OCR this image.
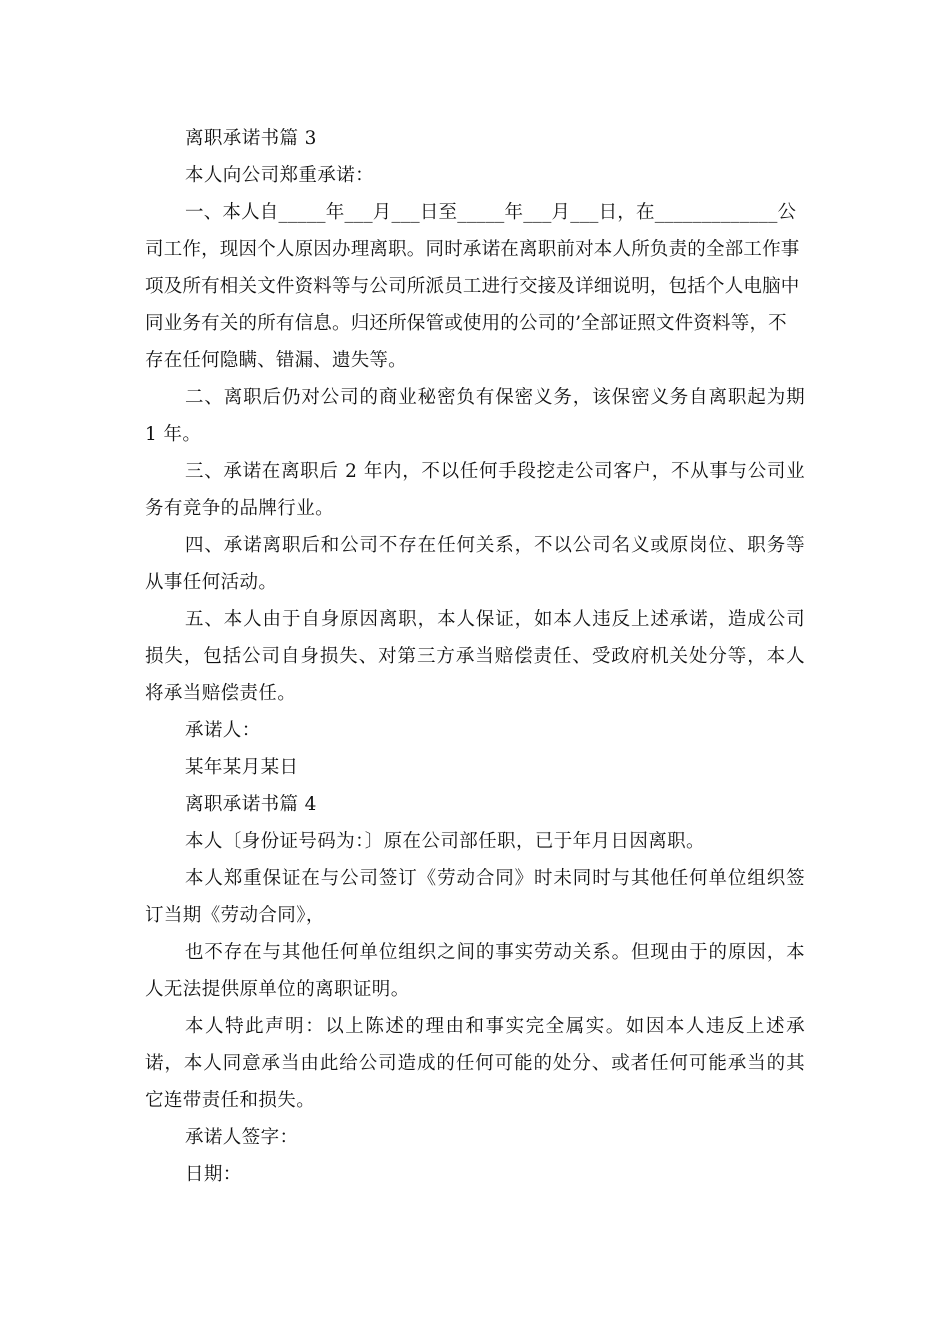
离职承诺书篇 3

本人向公司郑重承诺：

一、本人自_____年___月___日至_____年___月___日，在_____________公司工作，现因个人原因办理离职。同时承诺在离职前对本人所负责的全部工作事项及所有相关文件资料等与公司所派员工进行交接及详细说明，包括个人电脑中同业务有关的所有信息。归还所保管或使用的公司的’全部证照文件资料等，不存在任何隐瞒、错漏、遗失等。

二、离职后仍对公司的商业秘密负有保密义务，该保密义务自离职起为期 1 年。

三、承诺在离职后 2 年内，不以任何手段挖走公司客户，不从事与公司业务有竞争的品牌行业。

四、承诺离职后和公司不存在任何关系，不以公司名义或原岗位、职务等从事任何活动。

五、本人由于自身原因离职，本人保证，如本人违反上述承诺，造成公司损失，包括公司自身损失、对第三方承当赔偿责任、受政府机关处分等，本人将承当赔偿责任。

承诺人：

某年某月某日

离职承诺书篇 4

本人〔身份证号码为：〕原在公司部任职，已于年月日因离职。

本人郑重保证在与公司签订《劳动合同》时未同时与其他任何单位组织签订当期《劳动合同》，

也不存在与其他任何单位组织之间的事实劳动关系。但现由于的原因，本人无法提供原单位的离职证明。

本人特此声明：以上陈述的理由和事实完全属实。如因本人违反上述承诺，本人同意承当由此给公司造成的任何可能的处分、或者任何可能承当的其它连带责任和损失。

承诺人签字：

日期：
